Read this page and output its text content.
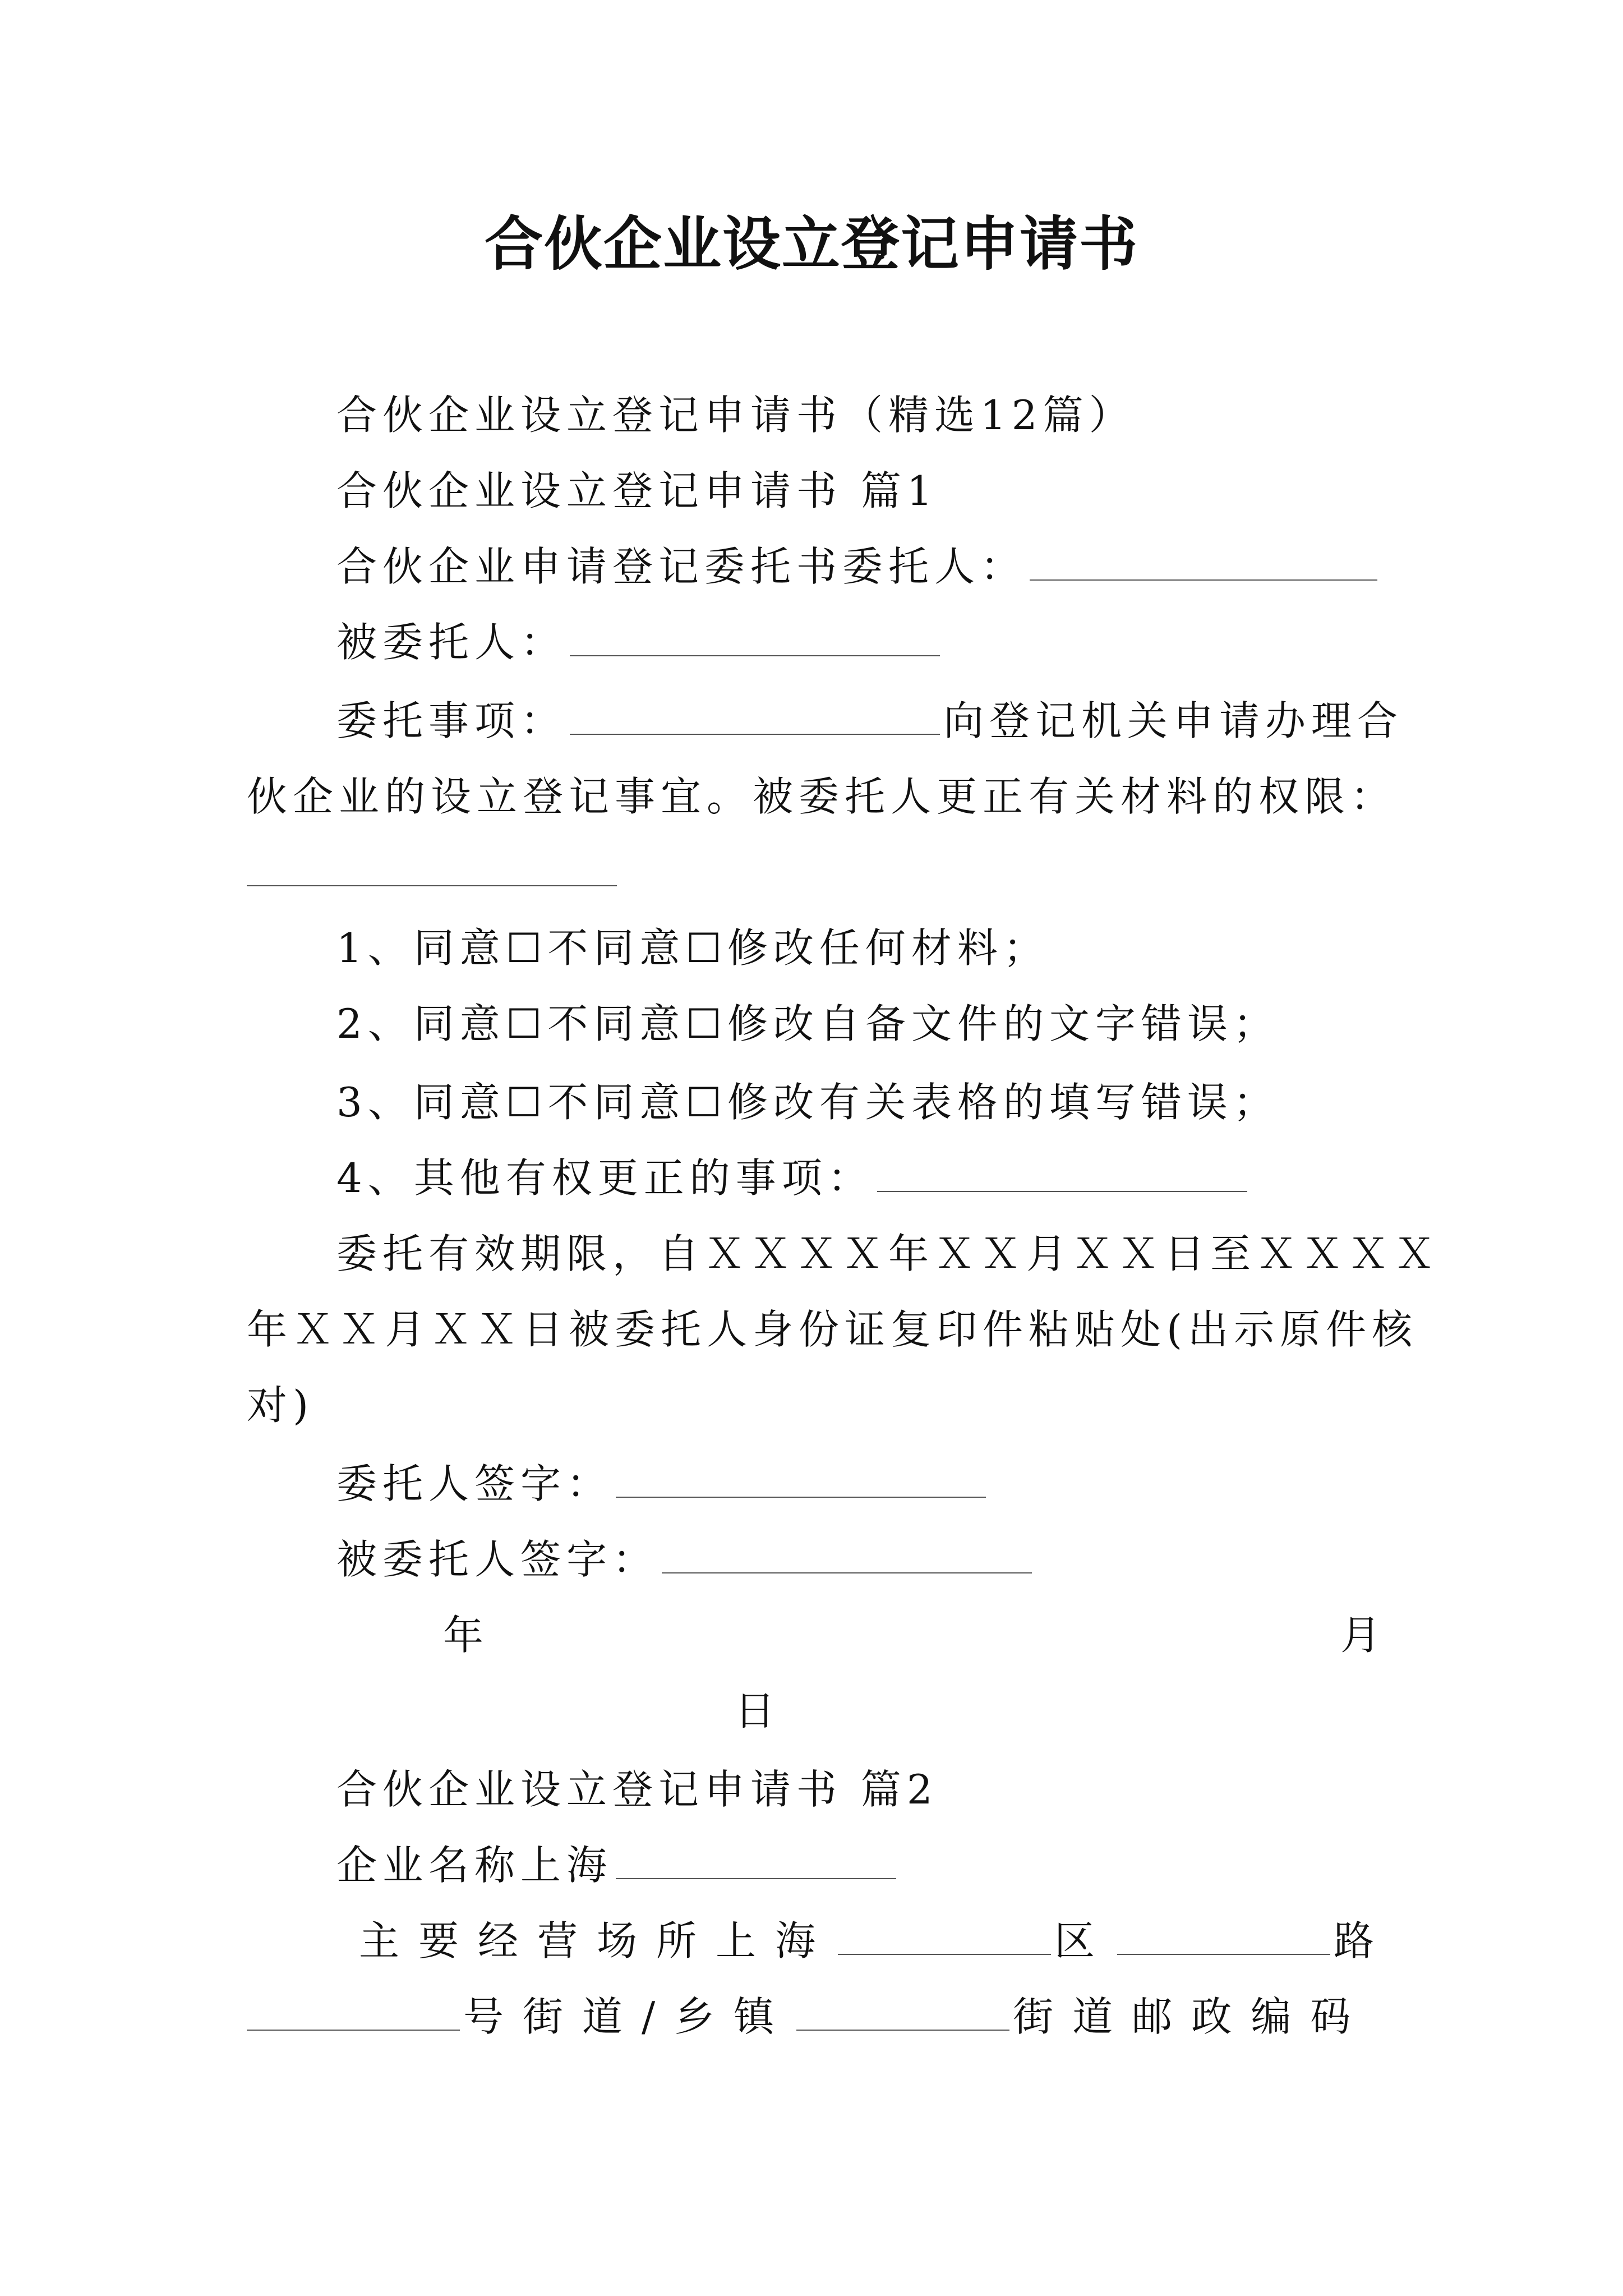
合伙企业设立登记申请书
合伙企业设立登记申请书（精选12篇）
合伙企业设立登记申请书 篇1
合伙企业申请登记委托书委托人：
被委托人：
委托事项：	向登记机关申请办理合
伙企业的设立登记事宜。被委托人更正有关材料的权限：
1、同意☐不同意☐修改任何材料；
2、同意☐不同意☐修改自备文件的文字错误；
3、同意☐不同意☐修改有关表格的填写错误；
4、其他有权更正的事项：
委托有效期限，自ＸＸＸＸ年ＸＸ月ＸＸ日至ＸＸＸＸ
年ＸＸ月ＸＸ日被委托人身份证复印件粘贴处(出示原件核
对)
委托人签字：
被委托人签字：
年	月
日
合伙企业设立登记申请书 篇2
企业名称上海
主要经营场所上海	区	路
号街道/乡镇	街道邮政编码
